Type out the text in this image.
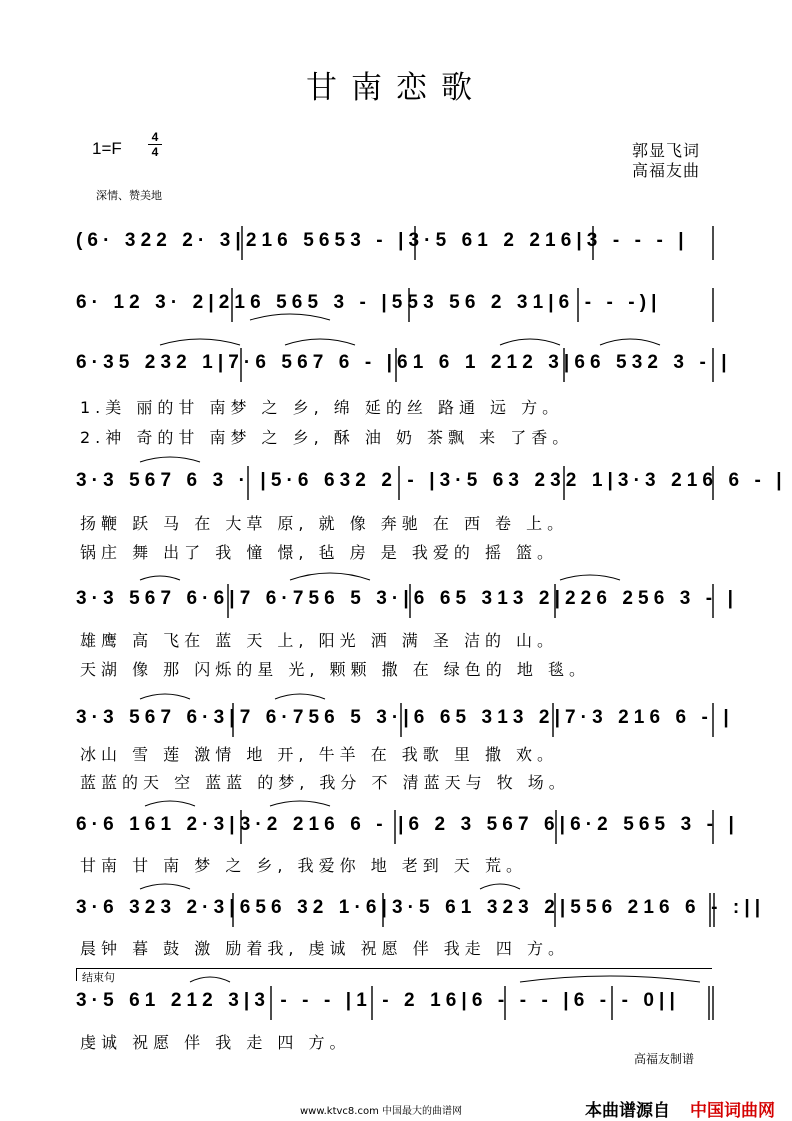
甘南恋歌
1=F
4
4	郭显飞词
高福友曲
深情、赞美地
(6· 322 2· 3|216 5653 - |3·5 61 2 216|3 - - - |
6· 12 3· 2|216 565 3 - |553 56 2 31|6 - - -)|
6·35 232 1|7·6 567 6 - |61 6 1 212 3|66 532 3 - |
1.美 丽的甘 南梦 之 乡, 绵 延的丝 路通 远 方。
2.神 奇的甘 南梦 之 乡, 酥 油 奶 茶飘 来 了香。
3·3 567 6 3 · |5·6 632 2 - |3·5 63 232 1|3·3 216 6 - |
扬鞭 跃 马 在 大草 原, 就 像 奔驰 在 西 卷 上。
锅庄 舞 出了 我 憧 憬, 毡 房 是 我爱的 摇 篮。
3·3 567 6·6|7 6·756 5 3·|6 65 313 2|226 256 3 - |
雄鹰 高 飞在 蓝 天 上, 阳光 洒 满 圣 洁的 山。
天湖 像 那 闪烁的星 光, 颗颗 撒 在 绿色的 地 毯。
3·3 567 6·3|7 6·756 5 3·|6 65 313 2|7·3 216 6 - |
冰山 雪 莲 激情 地 开, 牛羊 在 我歌 里 撒 欢。
蓝蓝的天 空 蓝蓝 的梦, 我分 不 清蓝天与 牧 场。
6·6 161 2·3|3·2 216 6 - |6 2 3 567 6|6·2 565 3 - |
甘南 甘 南 梦 之 乡, 我爱你 地 老到 天 荒。
3·6 323 2·3|656 32 1·6|3·5 61 323 2|556 216 6 - :||
晨钟 暮 鼓 激 励着我, 虔诚 祝愿 伴 我走 四 方。
结束句
3·5 61 212 3|3 - - - |1 - 2 16|6 - - - |6 - - 0||
虔诚 祝愿 伴 我 走 四 方。
高福友制谱
www.ktvc8.com 中国最大的曲谱网	本曲谱源自 中国词曲网
